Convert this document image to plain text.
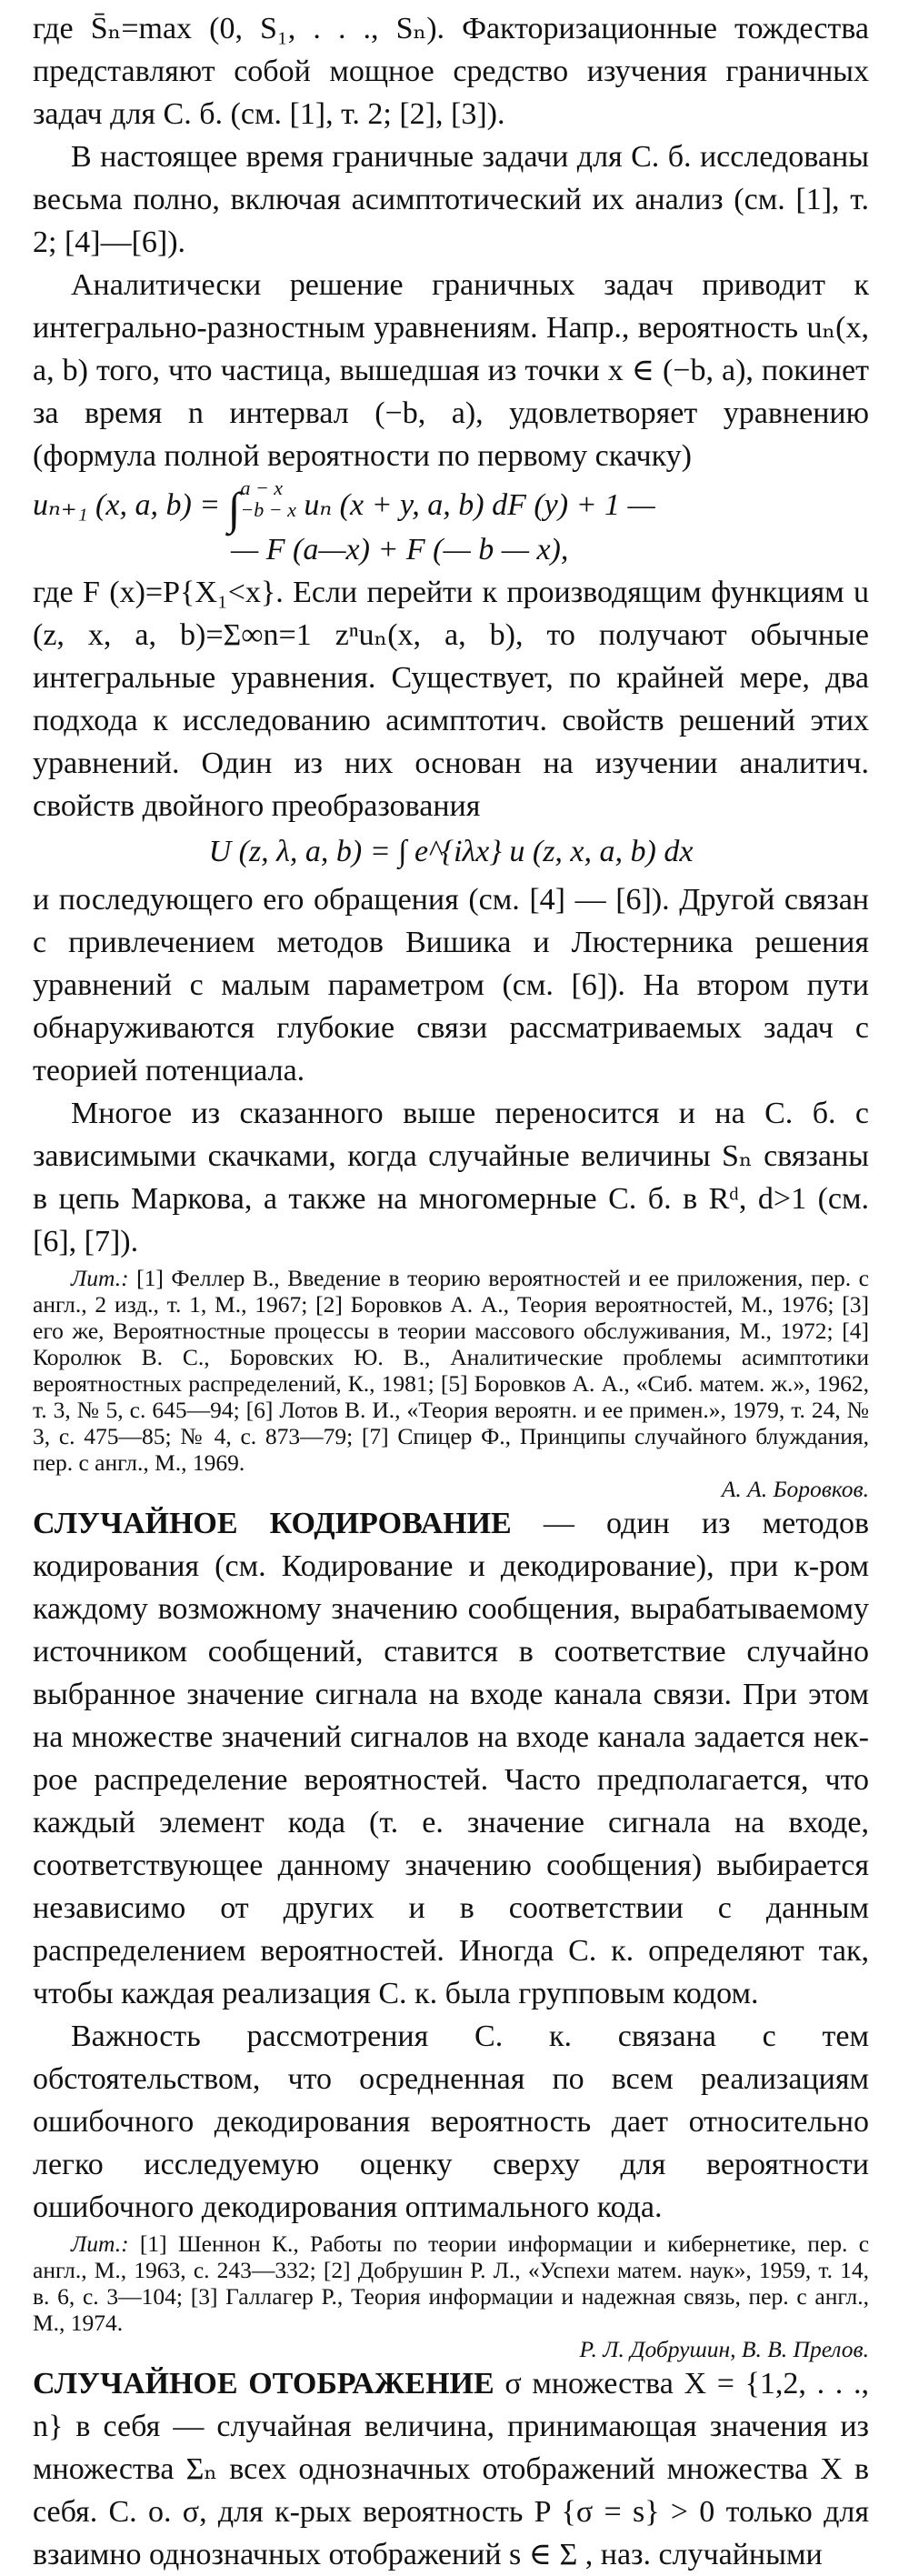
где S̄ₙ=max (0, S₁, . . ., Sₙ). Факторизационные тождества представляют собой мощное средство изучения граничных задач для С. б. (см. [1], т. 2; [2], [3]).

В настоящее время граничные задачи для С. б. исследованы весьма полно, включая асимптотический их анализ (см. [1], т. 2; [4]—[6]).

Аналитически решение граничных задач приводит к интегрально-разностным уравнениям. Напр., вероятность uₙ(x, a, b) того, что частица, вышедшая из точки x ∈ (−b, a), покинет за время n интервал (−b, a), удовлетворяет уравнению (формула полной вероятности по первому скачку)

uₙ₊₁ (x, a, b) = ∫ a − x
−b − x uₙ (x + y, a, b) dF (y) + 1 —
— F (a—x) + F (— b — x),

где F (x)=P{X₁<x}. Если перейти к производящим функциям u (z, x, a, b)=Σ∞n=1 zⁿuₙ(x, a, b), то получают обычные интегральные уравнения. Существует, по крайней мере, два подхода к исследованию асимптотич. свойств решений этих уравнений. Один из них основан на изучении аналитич. свойств двойного преобразования

U (z, λ, a, b) = ∫ e^{iλx} u (z, x, a, b) dx

и последующего его обращения (см. [4] — [6]). Другой связан с привлечением методов Вишика и Люстерника решения уравнений с малым параметром (см. [6]). На втором пути обнаруживаются глубокие связи рассматриваемых задач с теорией потенциала.

Многое из сказанного выше переносится и на С. б. с зависимыми скачками, когда случайные величины Sₙ связаны в цепь Маркова, а также на многомерные С. б. в Rᵈ, d>1 (см. [6], [7]).

Лит.: [1] Феллер В., Введение в теорию вероятностей и ее приложения, пер. с англ., 2 изд., т. 1, М., 1967; [2] Боровков А. А., Теория вероятностей, М., 1976; [3] его же, Вероятностные процессы в теории массового обслуживания, М., 1972; [4] Королюк В. С., Боровских Ю. В., Аналитические проблемы асимптотики вероятностных распределений, К., 1981; [5] Боровков А. А., «Сиб. матем. ж.», 1962, т. 3, № 5, с. 645—94; [6] Лотов В. И., «Теория вероятн. и ее примен.», 1979, т. 24, № 3, с. 475—85; № 4, с. 873—79; [7] Спицер Ф., Принципы случайного блуждания, пер. с англ., М., 1969.
А. А. Боровков.

СЛУЧАЙНОЕ КОДИРОВАНИЕ — один из методов кодирования (см. Кодирование и декодирование), при к-ром каждому возможному значению сообщения, вырабатываемому источником сообщений, ставится в соответствие случайно выбранное значение сигнала на входе канала связи. При этом на множестве значений сигналов на входе канала задается нек-рое распределение вероятностей. Часто предполагается, что каждый элемент кода (т. е. значение сигнала на входе, соответствующее данному значению сообщения) выбирается независимо от других и в соответствии с данным распределением вероятностей. Иногда С. к. определяют так, чтобы каждая реализация С. к. была групповым кодом.

Важность рассмотрения С. к. связана с тем обстоятельством, что осредненная по всем реализациям ошибочного декодирования вероятность дает относительно легко исследуемую оценку сверху для вероятности ошибочного декодирования оптимального кода.

Лит.: [1] Шеннон К., Работы по теории информации и кибернетике, пер. с англ., М., 1963, с. 243—332; [2] Добрушин Р. Л., «Успехи матем. наук», 1959, т. 14, в. 6, с. 3—104; [3] Галлагер Р., Теория информации и надежная связь, пер. с англ., М., 1974.
Р. Л. Добрушин, В. В. Прелов.

СЛУЧАЙНОЕ ОТОБРАЖЕНИЕ σ множества X = {1,2, . . ., n} в себя — случайная величина, принимающая значения из множества Σₙ всех однозначных отображений множества X в себя. С. о. σ, для к-рых вероятность P {σ = s} > 0 только для взаимно однозначных отображений s ∈ Σ , наз. случайными
